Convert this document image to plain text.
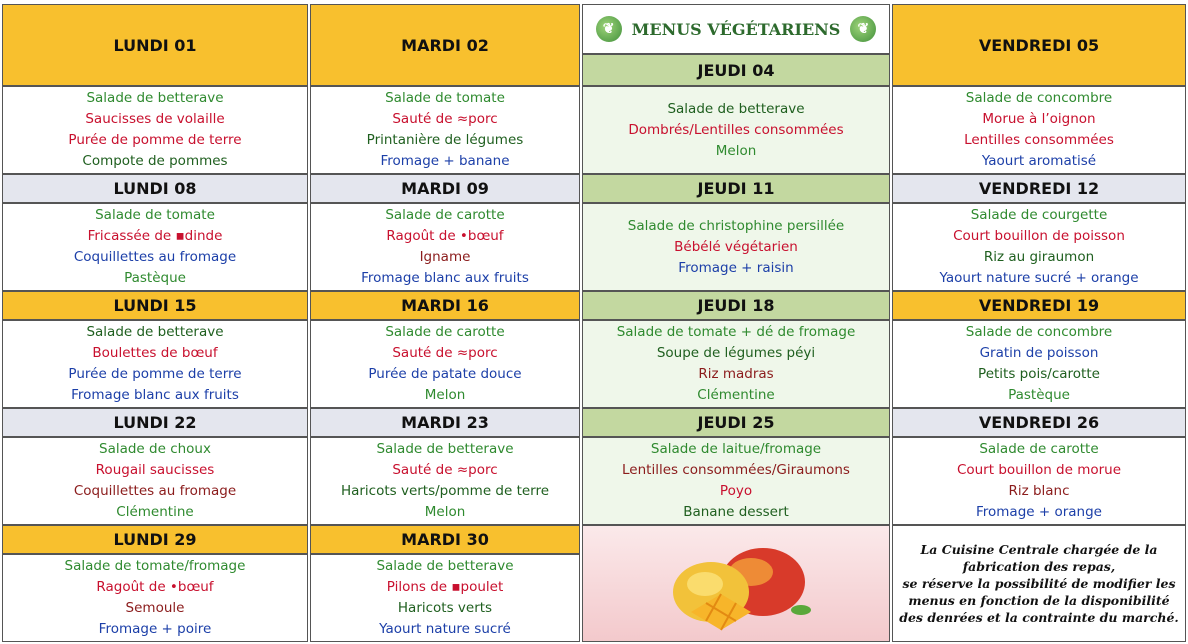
LUNDI 01
Salade de betterave
Saucisses de volaille
Purée de pomme de terre
Compote de pommes
LUNDI 08
Salade de tomate
Fricassée de ▪dinde
Coquillettes au fromage
Pastèque
LUNDI 15
Salade de betterave
Boulettes de bœuf
Purée de pomme de terre
Fromage blanc aux fruits
LUNDI 22
Salade de choux
Rougail saucisses
Coquillettes au fromage
Clémentine
LUNDI 29
Salade de tomate/fromage
Ragoût de •bœuf
Semoule
Fromage + poire
MARDI 02
Salade de tomate
Sauté de ≈porc
Printanière de légumes
Fromage + banane
MARDI 09
Salade de carotte
Ragoût de •bœuf
Igname
Fromage blanc aux fruits
MARDI 16
Salade de carotte
Sauté de ≈porc
Purée de patate douce
Melon
MARDI 23
Salade de betterave
Sauté de ≈porc
Haricots verts/pomme de terre
Melon
MARDI 30
Salade de betterave
Pilons de ▪poulet
Haricots verts
Yaourt nature sucré
❦	MENUS VÉGÉTARIENS	❦
JEUDI 04
Salade de betterave
Dombrés/Lentilles consommées
Melon
JEUDI 11
Salade de christophine persillée
Bébélé végétarien
Fromage + raisin
JEUDI 18
Salade de tomate + dé de fromage
Soupe de légumes péyi
Riz madras
Clémentine
JEUDI 25
Salade de laitue/fromage
Lentilles consommées/Giraumons
Poyo
Banane dessert
VENDREDI 05
Salade de concombre
Morue à l’oignon
Lentilles consommées
Yaourt aromatisé
VENDREDI 12
Salade de courgette
Court bouillon de poisson
Riz au giraumon
Yaourt nature sucré + orange
VENDREDI 19
Salade de concombre
Gratin de poisson
Petits pois/carotte
Pastèque
VENDREDI 26
Salade de carotte
Court bouillon de morue
Riz blanc
Fromage + orange

La Cuisine Centrale chargée de la
fabrication des repas,
se réserve la possibilité de modifier les
menus en fonction de la disponibilité
des denrées et la contrainte du marché.
